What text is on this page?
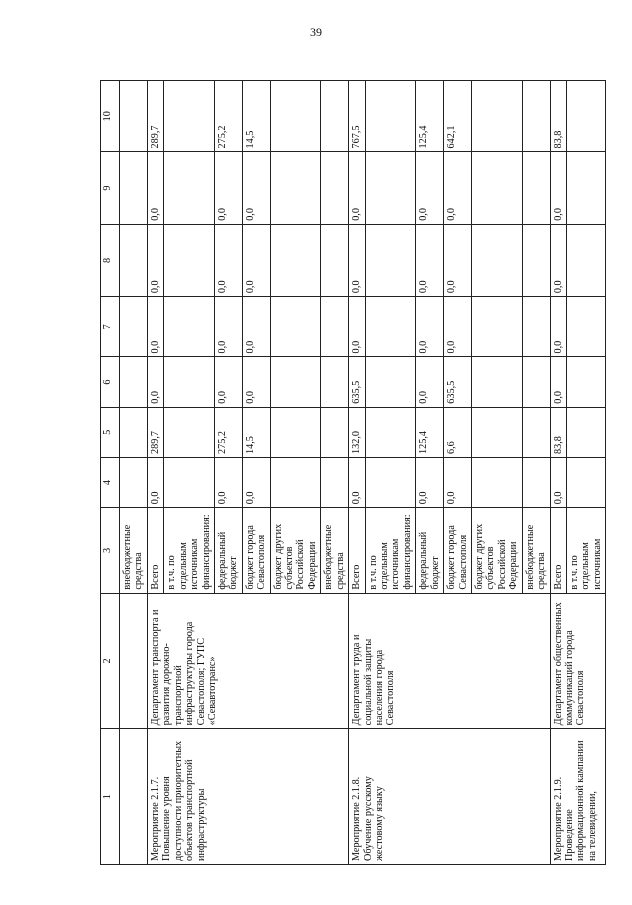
39
1	2	3	4	5	6	7	8	9	10
		внебюджетные средства							
Мероприятие 2.1.7. Повышение уровня доступности приоритетных объектов транспортной инфраструктуры	Департамент транспорта и развития дорожно-транспортной инфраструктуры города Севастополя; ГУПС «Севавтотранс»	Всего	0,0	289,7	0,0	0,0	0,0	0,0	289,7
		в т.ч. по отдельным источникам финансирования:							
		федеральный бюджет	0,0	275,2	0,0	0,0	0,0	0,0	275,2
		бюджет города Севастополя	0,0	14,5	0,0	0,0	0,0	0,0	14,5
		бюджет других субъектов Российской Федерации							
		внебюджетные средства							
Мероприятие 2.1.8. Обучение русскому жестовому языку	Департамент труда и социальной защиты населения города Севастополя	Всего	0,0	132,0	635,5	0,0	0,0	0,0	767,5
		в т.ч. по отдельным источникам финансирования:							
		федеральный бюджет	0,0	125,4	0,0	0,0	0,0	0,0	125,4
		бюджет города Севастополя	0,0	6,6	635,5	0,0	0,0	0,0	642,1
		бюджет других субъектов Российской Федерации							
		внебюджетные средства							
Мероприятие 2.1.9. Проведение информационной кампании на телевидении,	Департамент общественных коммуникаций города Севастополя	Всего	0,0	83,8	0,0	0,0	0,0	0,0	83,8
		в т.ч. по отдельным источникам							
